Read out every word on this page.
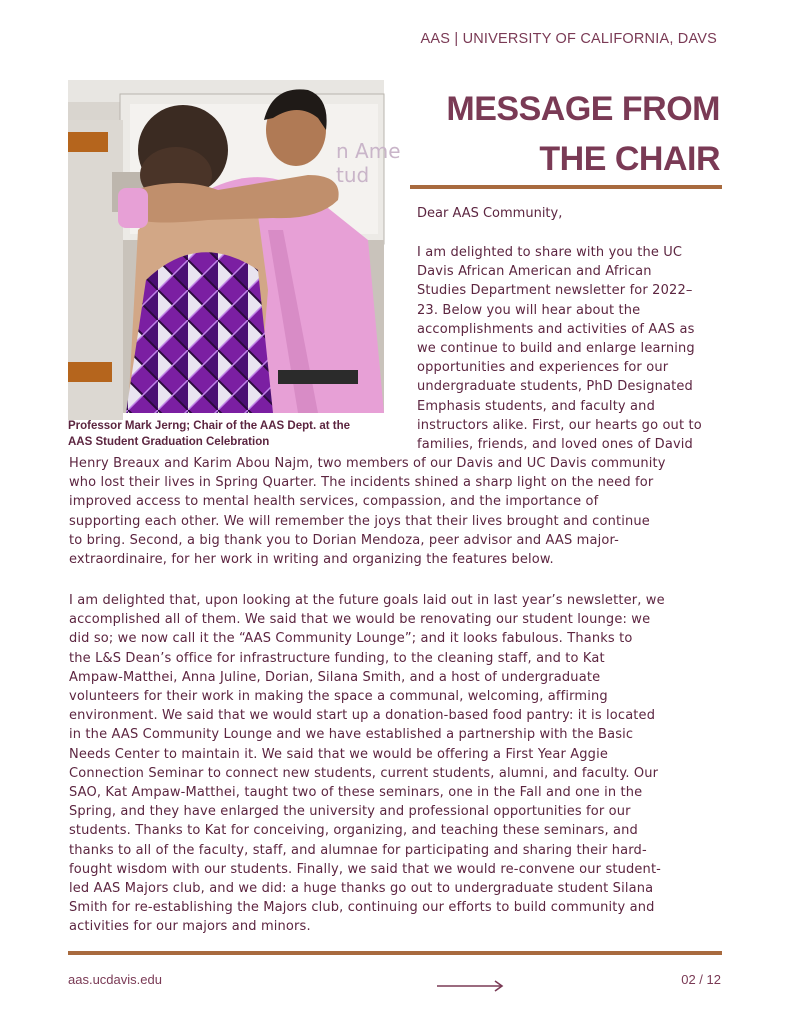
AAS | UNIVERSITY OF CALIFORNIA, DAVS
n Ame
tud
Professor Mark Jerng; Chair of the AAS Dept. at the
AAS Student Graduation Celebration
MESSAGE FROM
THE CHAIR
Dear AAS Community,
I am delighted to share with you the UC
Davis African American and African
Studies Department newsletter for 2022–
23. Below you will hear about the
accomplishments and activities of AAS as
we continue to build and enlarge learning
opportunities and experiences for our
undergraduate students, PhD Designated
Emphasis students, and faculty and
instructors alike. First, our hearts go out to
families, friends, and loved ones of David
Henry Breaux and Karim Abou Najm, two members of our Davis and UC Davis community
who lost their lives in Spring Quarter. The incidents shined a sharp light on the need for
improved access to mental health services, compassion, and the importance of
supporting each other. We will remember the joys that their lives brought and continue
to bring. Second, a big thank you to Dorian Mendoza, peer advisor and AAS major-
extraordinaire, for her work in writing and organizing the features below.
I am delighted that, upon looking at the future goals laid out in last year’s newsletter, we
accomplished all of them. We said that we would be renovating our student lounge: we
did so; we now call it the “AAS Community Lounge”; and it looks fabulous. Thanks to
the L&S Dean’s office for infrastructure funding, to the cleaning staff, and to Kat
Ampaw-Matthei, Anna Juline, Dorian, Silana Smith, and a host of undergraduate
volunteers for their work in making the space a communal, welcoming, affirming
environment. We said that we would start up a donation-based food pantry: it is located
in the AAS Community Lounge and we have established a partnership with the Basic
Needs Center to maintain it. We said that we would be offering a First Year Aggie
Connection Seminar to connect new students, current students, alumni, and faculty. Our
SAO, Kat Ampaw-Matthei, taught two of these seminars, one in the Fall and one in the
Spring, and they have enlarged the university and professional opportunities for our
students. Thanks to Kat for conceiving, organizing, and teaching these seminars, and
thanks to all of the faculty, staff, and alumnae for participating and sharing their hard-
fought wisdom with our students. Finally, we said that we would re-convene our student-
led AAS Majors club, and we did: a huge thanks go out to undergraduate student Silana
Smith for re-establishing the Majors club, continuing our efforts to build community and
activities for our majors and minors.
aas.ucdavis.edu	02 / 12
